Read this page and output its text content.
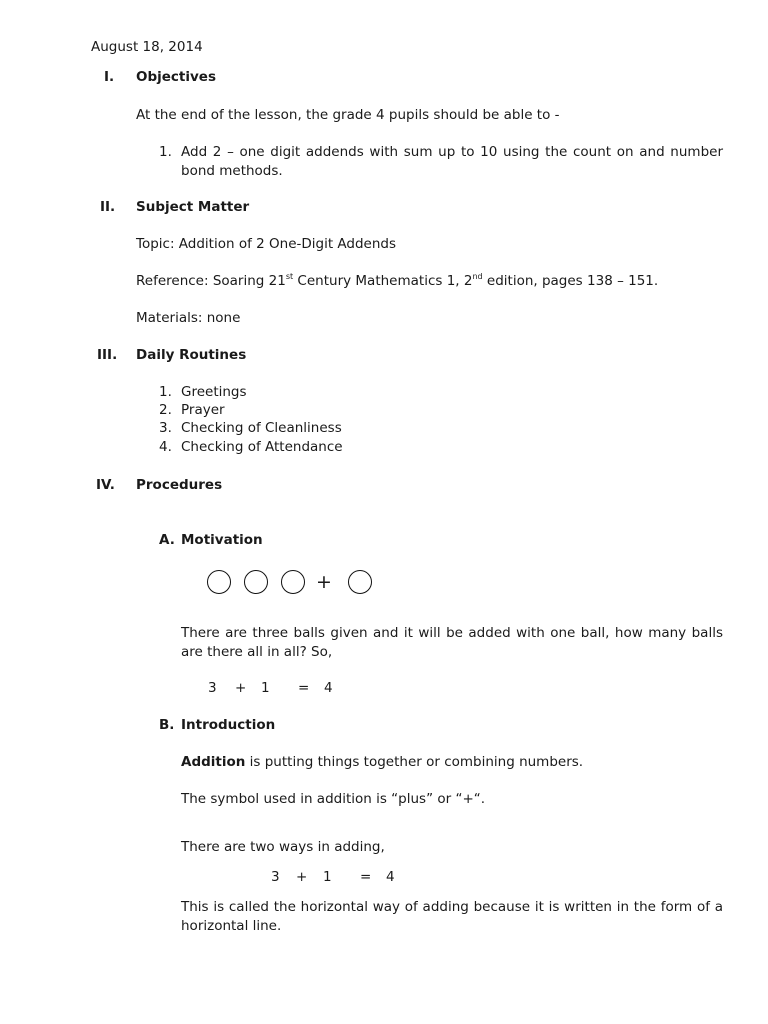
August 18, 2014
I. Objectives
At the end of the lesson, the grade 4 pupils should be able to -
1. Add 2 – one digit addends with sum up to 10 using the count on and number bond methods.
II. Subject Matter
Topic: Addition of 2 One-Digit Addends
Reference: Soaring 21st Century Mathematics 1, 2nd edition, pages 138 – 151.
Materials: none
III. Daily Routines
1. Greetings
2. Prayer
3. Checking of Cleanliness
4. Checking of Attendance
IV. Procedures
A. Motivation
+
There are three balls given and it will be added with one ball, how many balls are there all in all? So,
3 + 1 = 4
B. Introduction
Addition is putting things together or combining numbers.
The symbol used in addition is “plus” or “+“.
There are two ways in adding,
3 + 1 = 4
This is called the horizontal way of adding because it is written in the form of a horizontal line.
